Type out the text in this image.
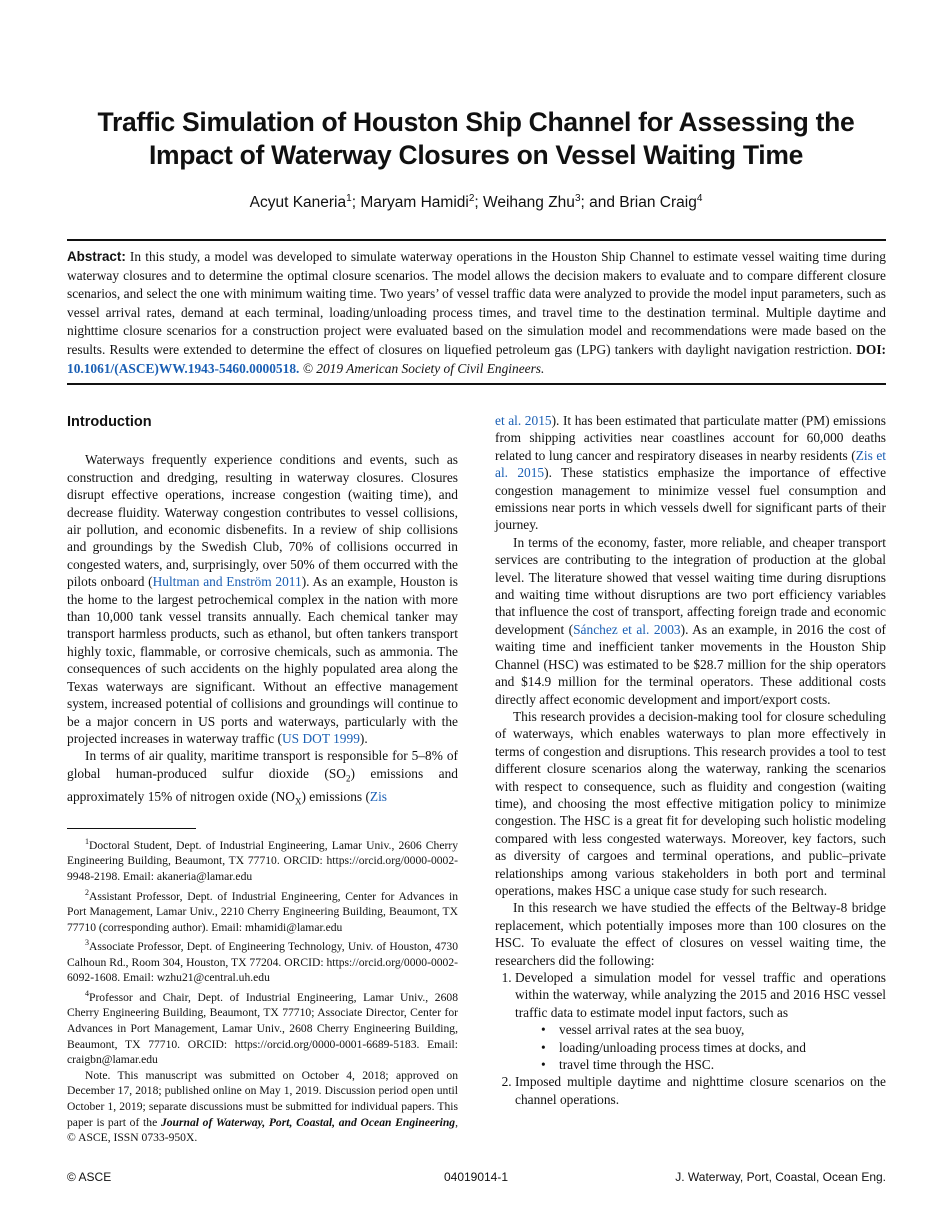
Traffic Simulation of Houston Ship Channel for Assessing the
Impact of Waterway Closures on Vessel Waiting Time
Acyut Kaneria$^1$; Maryam Hamidi$^2$; Weihang Zhu$^3$; and Brian Craig$^4$
Abstract: In this study, a model was developed to simulate waterway operations in the Houston Ship Channel to estimate vessel waiting time during waterway closures and to determine the optimal closure scenarios. The model allows the decision makers to evaluate and to compare different closure scenarios, and select the one with minimum waiting time. Two years’ of vessel traffic data were analyzed to provide the model input parameters, such as vessel arrival rates, demand at each terminal, loading/unloading process times, and travel time to the destination terminal. Multiple daytime and nighttime closure scenarios for a construction project were evaluated based on the simulation model and recommendations were made based on the results. Results were extended to determine the effect of closures on liquefied petroleum gas (LPG) tankers with daylight navigation restriction. DOI: 10.1061/(ASCE)WW.1943-5460.0000518. © 2019 American Society of Civil Engineers.

Introduction

Waterways frequently experience conditions and events, such as construction and dredging, resulting in waterway closures. Closures disrupt effective operations, increase congestion (waiting time), and decrease fluidity. Waterway congestion contributes to vessel collisions, air pollution, and economic disbenefits. In a review of ship collisions and groundings by the Swedish Club, 70% of collisions occurred in congested waters, and, surprisingly, over 50% of them occurred with the pilots onboard (Hultman and Enström 2011). As an example, Houston is the home to the largest petrochemical complex in the nation with more than 10,000 tank vessel transits annually. Each chemical tanker may transport harmless products, such as ethanol, but often tankers transport highly toxic, flammable, or corrosive chemicals, such as ammonia. The consequences of such accidents on the highly populated area along the Texas waterways are significant. Without an effective management system, increased potential of collisions and groundings will continue to be a major concern in US ports and waterways, particularly with the projected increases in waterway traffic (US DOT 1999).

In terms of air quality, maritime transport is responsible for 5–8% of global human-produced sulfur dioxide $(SO_2)$ emissions and approximately 15% of nitrogen oxide $(NO_X)$ emissions (Zis

$^1$Doctoral Student, Dept. of Industrial Engineering, Lamar Univ., 2606 Cherry Engineering Building, Beaumont, TX 77710. ORCID: https://orcid.org/0000-0002-9948-2198. Email: akaneria@lamar.edu

$^2$Assistant Professor, Dept. of Industrial Engineering, Center for Advances in Port Management, Lamar Univ., 2210 Cherry Engineering Building, Beaumont, TX 77710 (corresponding author). Email: mhamidi@lamar.edu

$^3$Associate Professor, Dept. of Engineering Technology, Univ. of Houston, 4730 Calhoun Rd., Room 304, Houston, TX 77204. ORCID: https://orcid.org/0000-0002-6092-1608. Email: wzhu21@central.uh.edu

$^4$Professor and Chair, Dept. of Industrial Engineering, Lamar Univ., 2608 Cherry Engineering Building, Beaumont, TX 77710; Associate Director, Center for Advances in Port Management, Lamar Univ., 2608 Cherry Engineering Building, Beaumont, TX 77710. ORCID: https://orcid.org/0000-0001-6689-5183. Email: craigbn@lamar.edu

Note. This manuscript was submitted on October 4, 2018; approved on December 17, 2018; published online on May 1, 2019. Discussion period open until October 1, 2019; separate discussions must be submitted for individual papers. This paper is part of the Journal of Waterway, Port, Coastal, and Ocean Engineering, © ASCE, ISSN 0733-950X.

et al. 2015). It has been estimated that particulate matter (PM) emissions from shipping activities near coastlines account for 60,000 deaths related to lung cancer and respiratory diseases in nearby residents (Zis et al. 2015). These statistics emphasize the importance of effective congestion management to minimize vessel fuel consumption and emissions near ports in which vessels dwell for significant parts of their journey.

In terms of the economy, faster, more reliable, and cheaper transport services are contributing to the integration of production at the global level. The literature showed that vessel waiting time during disruptions and waiting time without disruptions are two port efficiency variables that influence the cost of transport, affecting foreign trade and economic development (Sánchez et al. 2003). As an example, in 2016 the cost of waiting time and inefficient tanker movements in the Houston Ship Channel (HSC) was estimated to be $28.7 million for the ship operators and $14.9 million for the terminal operators. These additional costs directly affect economic development and import/export costs.

This research provides a decision-making tool for closure scheduling of waterways, which enables waterways to plan more effectively in terms of congestion and disruptions. This research provides a tool to test different closure scenarios along the waterway, ranking the scenarios with respect to consequence, such as fluidity and congestion (waiting time), and choosing the most effective mitigation policy to minimize congestion. The HSC is a great fit for developing such holistic modeling compared with less congested waterways. Moreover, key factors, such as diversity of cargoes and terminal operations, and public–private relationships among various stakeholders in both port and terminal operations, makes HSC a unique case study for such research.

In this research we have studied the effects of the Beltway-8 bridge replacement, which potentially imposes more than 100 closures on the HSC. To evaluate the effect of closures on vessel waiting time, the researchers did the following:

1. Developed a simulation model for vessel traffic and operations within the waterway, while analyzing the 2015 and 2016 HSC vessel traffic data to estimate model input factors, such as
• vessel arrival rates at the sea buoy,
• loading/unloading process times at docks, and
• travel time through the HSC.
2. Imposed multiple daytime and nighttime closure scenarios on the channel operations.
© ASCE	04019014-1	J. Waterway, Port, Coastal, Ocean Eng.
